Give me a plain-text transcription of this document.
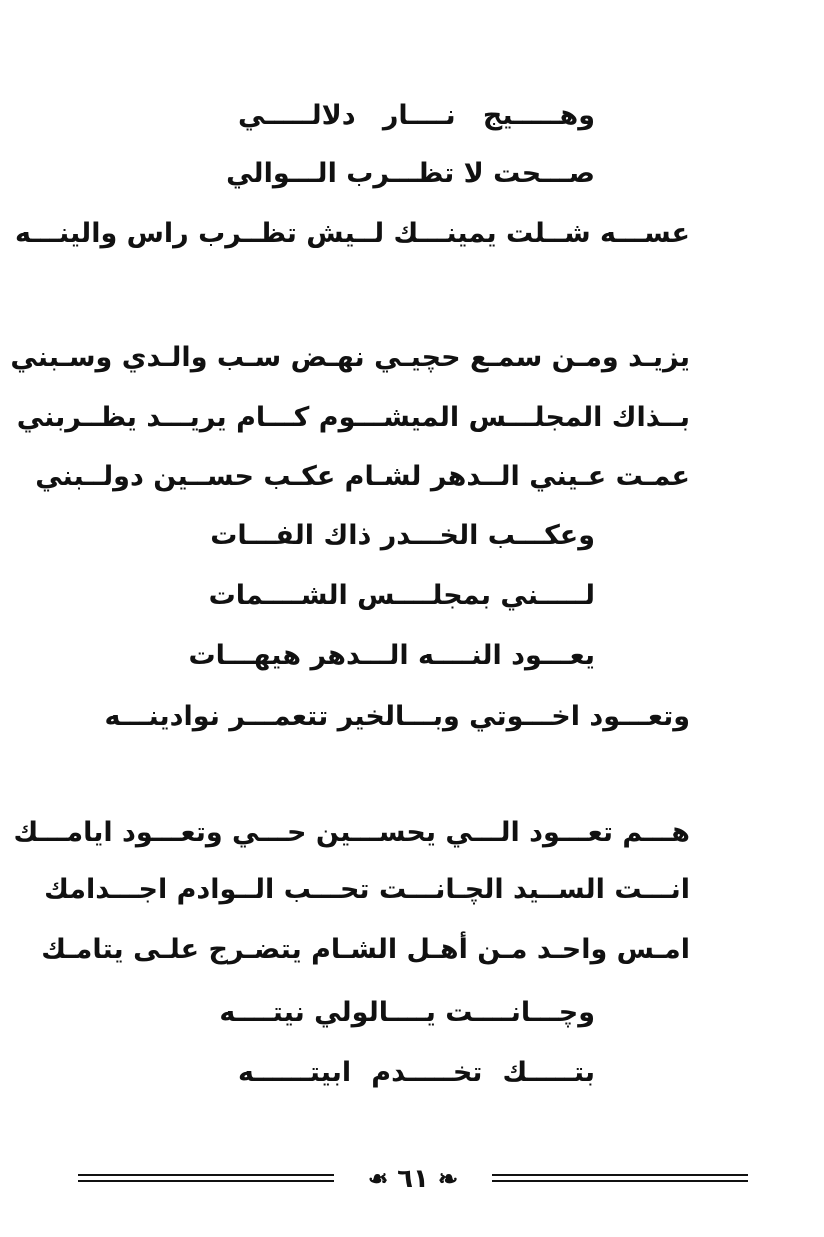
وهـــــيج نــــار دلالـــــي
صـــحت لا تظـــرب الـــوالي
عســـه شــلت يمينـــك لــيش تظــرب راس والينـــه
يزيـد ومـن سمـع حچيـي نهـض سـب والـدي وسـبني
بــذاك المجلـــس الميشـــوم كـــام يريـــد يظــربني
عمـت عـيني الــدهر لشـام عكـب حســين دولــبني
وعكـــب الخـــدر ذاك الفـــات
لـــــني بمجلــــس الشــــمات
يعـــود النــــه الـــدهر هيهـــات
وتعـــود اخـــوتي وبـــالخير تتعمـــر نوادينـــه
هـــم تعـــود الـــي يحســـين حـــي وتعـــود ايامـــك
انـــت الســيد الچـانـــت تحـــب الــوادم اجـــدامك
امـس واحـد مـن أهـل الشـام يتضـرج علـى يتامـك
وچـــانــــت يــــالولي نيتــــه
بتـــــك تخـــــدم ابيتــــــه
❧ ٦١ ❧
